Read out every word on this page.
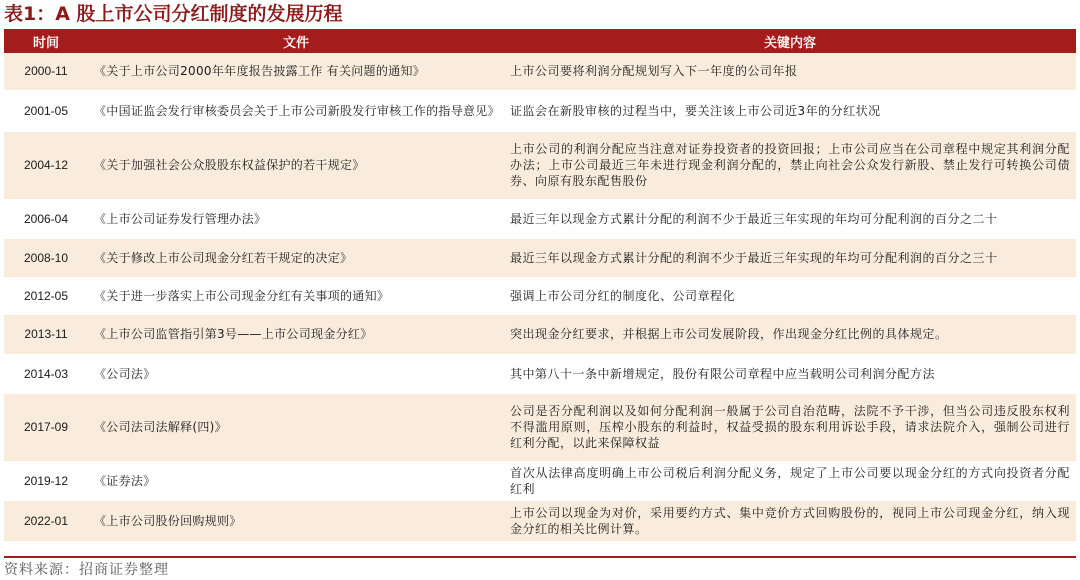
表1：A 股上市公司分红制度的发展历程
时间	文件	关键内容
2000-11	《关于上市公司2000年年度报告披露工作 有关问题的通知》	上市公司要将利润分配规划写入下一年度的公司年报
2001-05	《中国证监会发行审核委员会关于上市公司新股发行审核工作的指导意见》	证监会在新股审核的过程当中，要关注该上市公司近3年的分红状况
2004-12	《关于加强社会公众股股东权益保护的若干规定》	上市公司的利润分配应当注意对证券投资者的投资回报；上市公司应当在公司章程中规定其利润分配办法；上市公司最近三年未进行现金利润分配的，禁止向社会公众发行新股、禁止发行可转换公司债券、向原有股东配售股份
2006-04	《上市公司证券发行管理办法》	最近三年以现金方式累计分配的利润不少于最近三年实现的年均可分配利润的百分之二十
2008-10	《关于修改上市公司现金分红若干规定的决定》	最近三年以现金方式累计分配的利润不少于最近三年实现的年均可分配利润的百分之三十
2012-05	《关于进一步落实上市公司现金分红有关事项的通知》	强调上市公司分红的制度化、公司章程化
2013-11	《上市公司监管指引第3号——上市公司现金分红》	突出现金分红要求，并根据上市公司发展阶段，作出现金分红比例的具体规定。
2014-03	《公司法》	其中第八十一条中新增规定，股份有限公司章程中应当载明公司利润分配方法
2017-09	《公司法司法解释(四)》	公司是否分配利润以及如何分配利润一般属于公司自治范畴，法院不予干涉，但当公司违反股东权利不得滥用原则，压榨小股东的利益时，权益受损的股东利用诉讼手段，请求法院介入，强制公司进行红利分配，以此来保障权益
2019-12	《证券法》	首次从法律高度明确上市公司税后利润分配义务，规定了上市公司要以现金分红的方式向投资者分配红利
2022-01	《上市公司股份回购规则》	上市公司以现金为对价，采用要约方式、集中竞价方式回购股份的，视同上市公司现金分红，纳入现金分红的相关比例计算。
资料来源：招商证券整理
